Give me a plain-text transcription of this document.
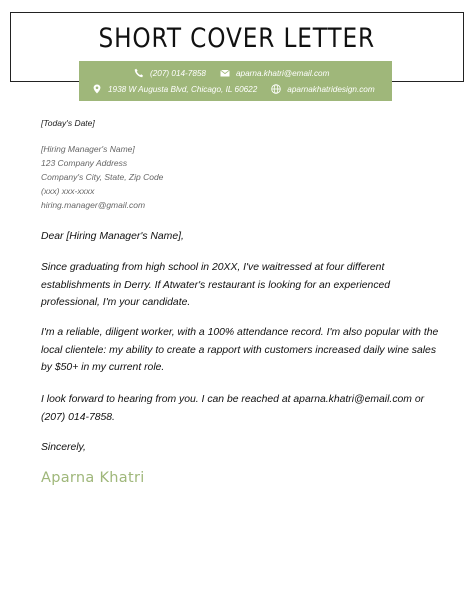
SHORT COVER LETTER
(207) 014-7858	aparna.khatri@email.com
1938 W Augusta Blvd, Chicago, IL 60622	aparnakhatridesign.com
[Today's Date]
[Hiring Manager's Name]
123 Company Address
Company's City, State, Zip Code
(xxx) xxx-xxxx
hiring.manager@gmail.com
Dear [Hiring Manager's Name],
Since graduating from high school in 20XX, I've waitressed at four different establishments in Derry. If Atwater's restaurant is looking for an experienced professional, I'm your candidate.
I'm a reliable, diligent worker, with a 100% attendance record. I'm also popular with the local clientele: my ability to create a rapport with customers increased daily wine sales by $50+ in my current role.
I look forward to hearing from you. I can be reached at aparna.khatri@email.com or (207) 014-7858.
Sincerely,
Aparna Khatri
